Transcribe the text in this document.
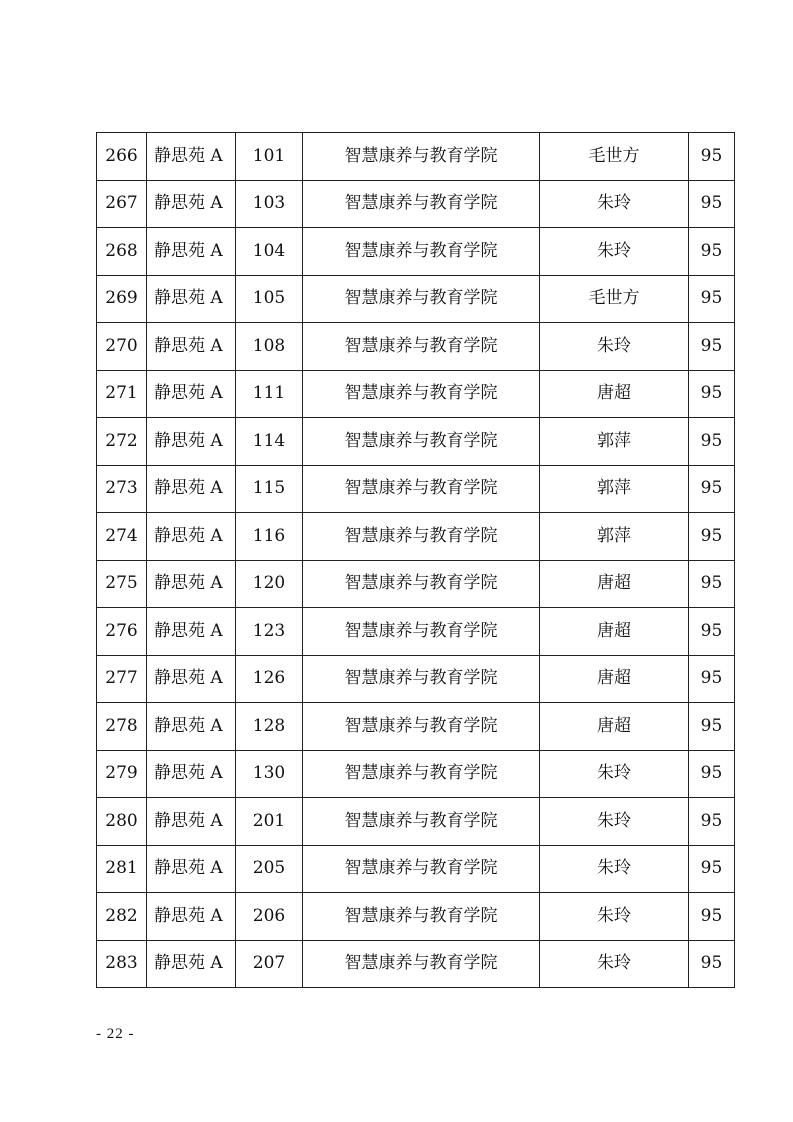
266	静思苑 A	101	智慧康养与教育学院	毛世方	95
267	静思苑 A	103	智慧康养与教育学院	朱玲	95
268	静思苑 A	104	智慧康养与教育学院	朱玲	95
269	静思苑 A	105	智慧康养与教育学院	毛世方	95
270	静思苑 A	108	智慧康养与教育学院	朱玲	95
271	静思苑 A	111	智慧康养与教育学院	唐超	95
272	静思苑 A	114	智慧康养与教育学院	郭萍	95
273	静思苑 A	115	智慧康养与教育学院	郭萍	95
274	静思苑 A	116	智慧康养与教育学院	郭萍	95
275	静思苑 A	120	智慧康养与教育学院	唐超	95
276	静思苑 A	123	智慧康养与教育学院	唐超	95
277	静思苑 A	126	智慧康养与教育学院	唐超	95
278	静思苑 A	128	智慧康养与教育学院	唐超	95
279	静思苑 A	130	智慧康养与教育学院	朱玲	95
280	静思苑 A	201	智慧康养与教育学院	朱玲	95
281	静思苑 A	205	智慧康养与教育学院	朱玲	95
282	静思苑 A	206	智慧康养与教育学院	朱玲	95
283	静思苑 A	207	智慧康养与教育学院	朱玲	95
- 22 -
